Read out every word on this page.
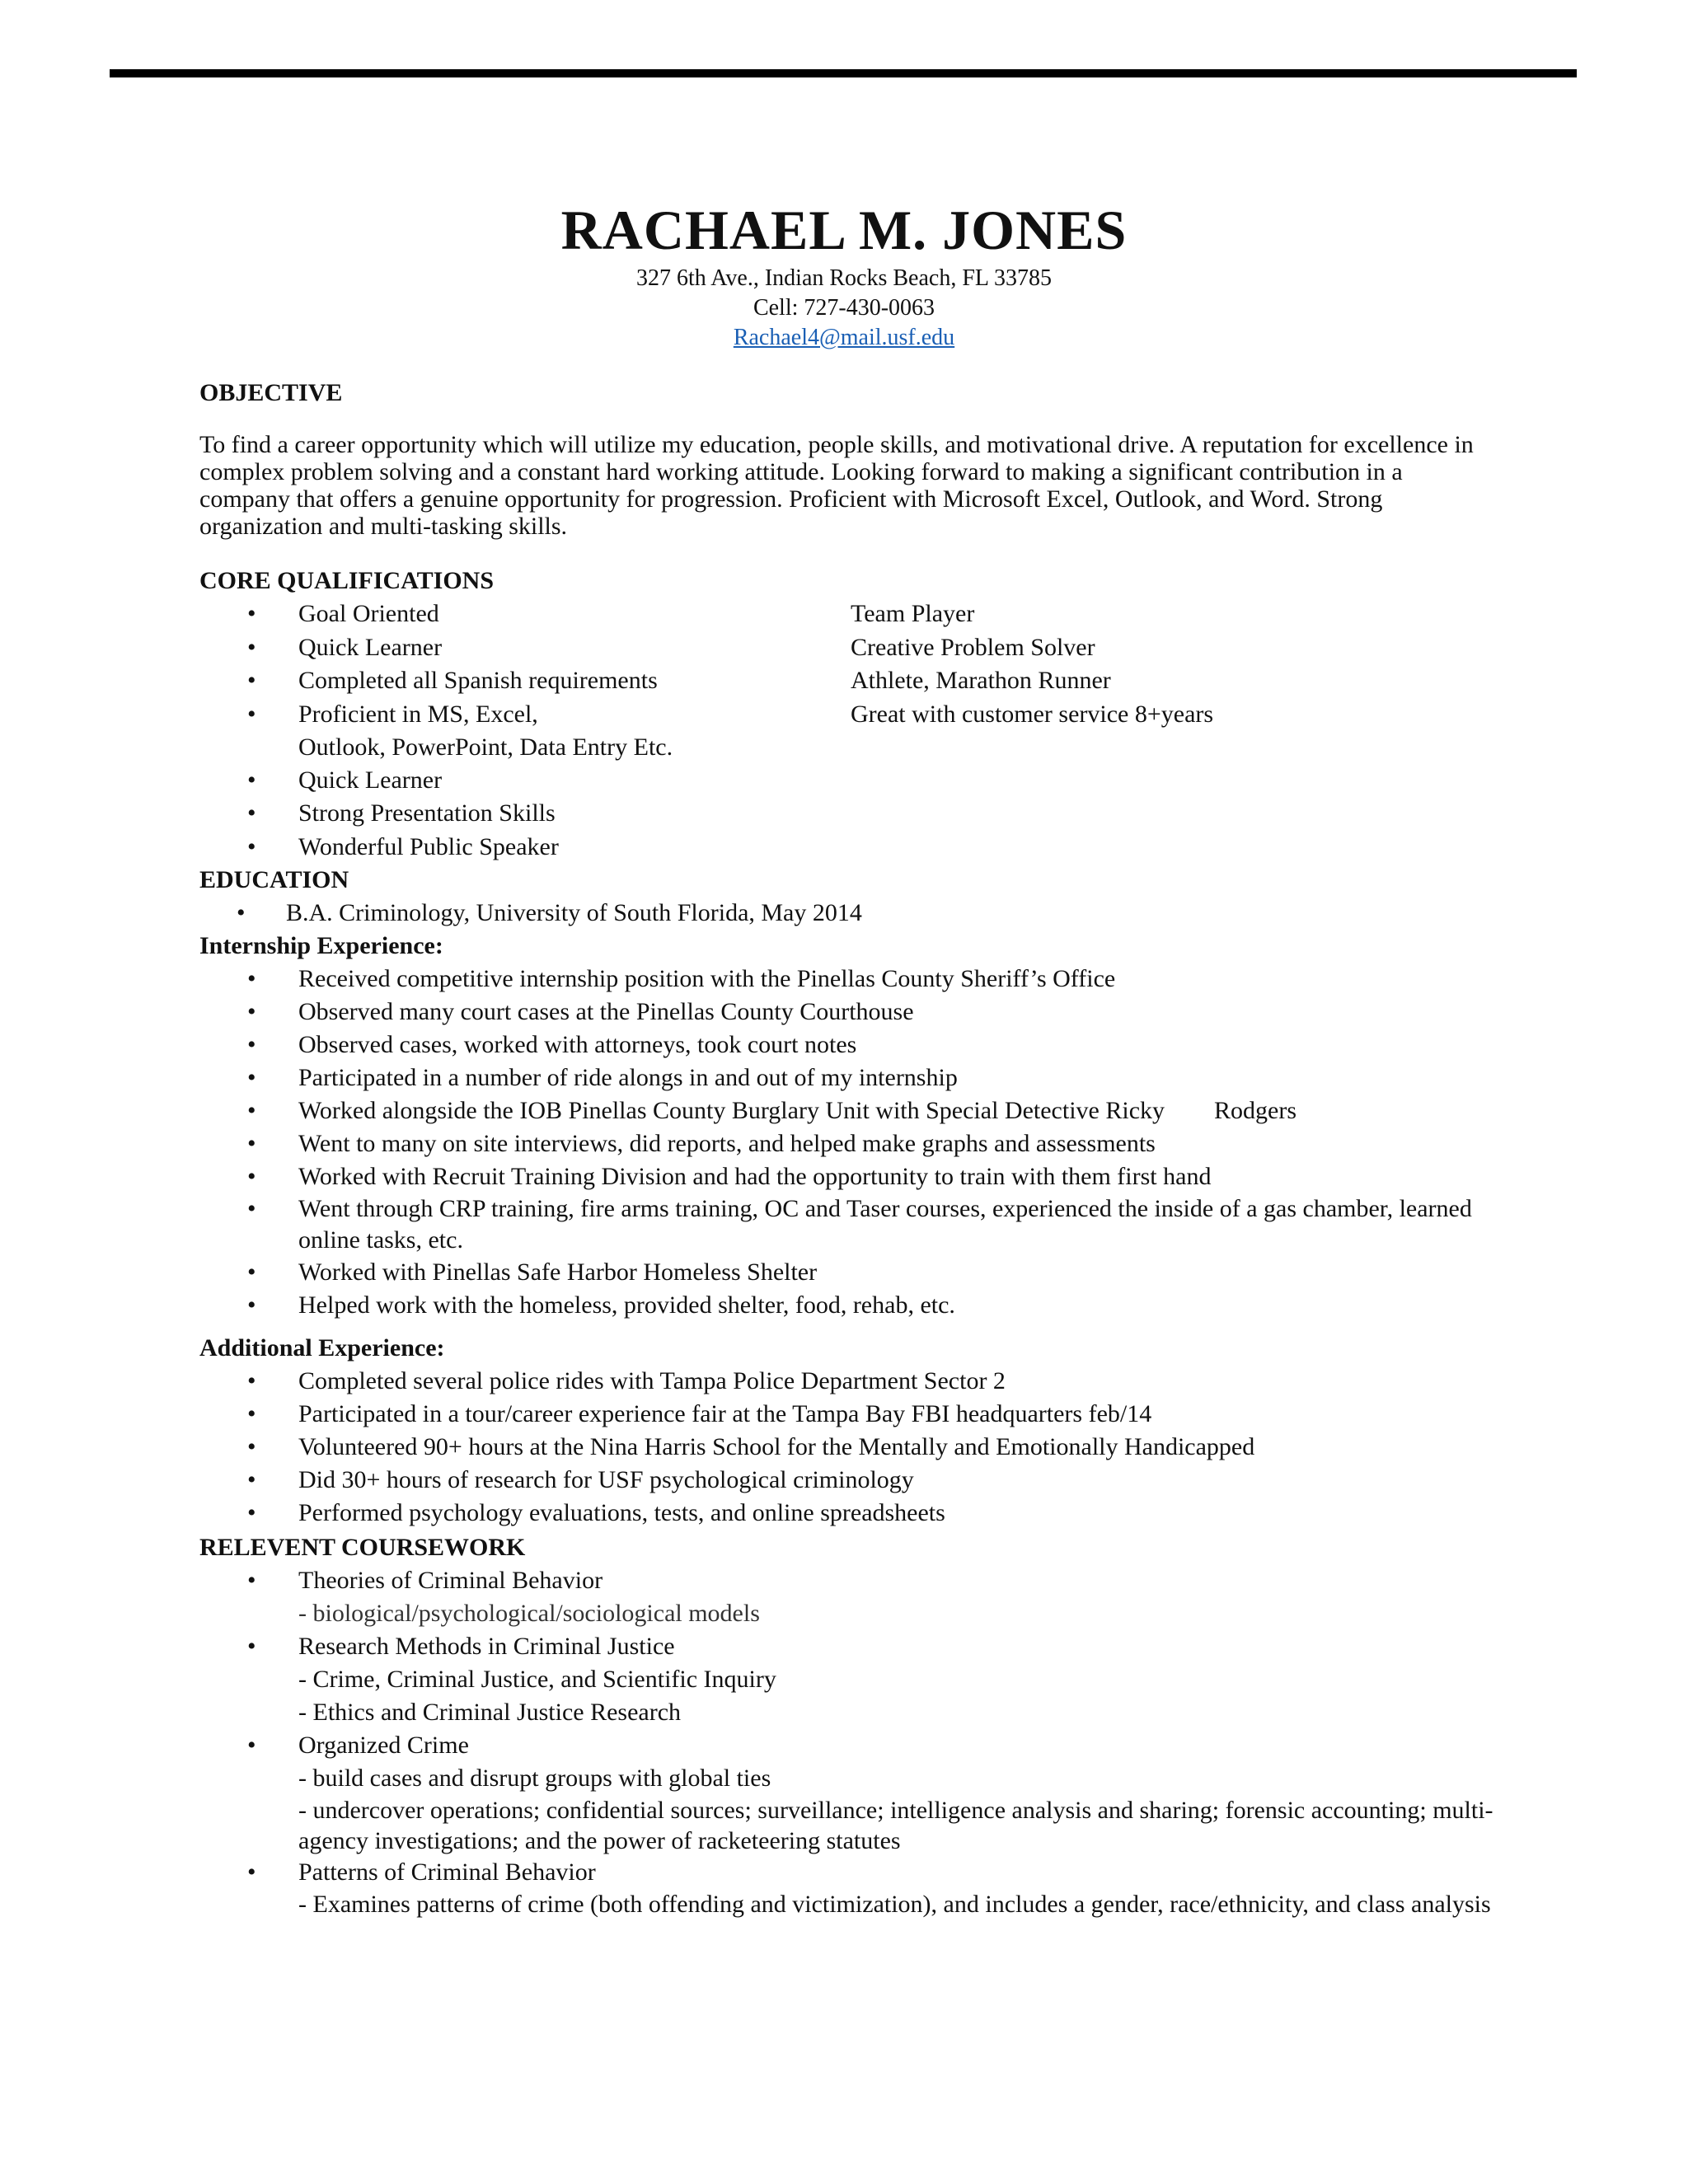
RACHAEL M. JONES
327 6th Ave., Indian Rocks Beach, FL 33785
Cell: 727-430-0063
Rachael4@mail.usf.edu
OBJECTIVE
To find a career opportunity which will utilize my education, people skills, and motivational drive. A reputation for excellence in complex problem solving and a constant hard working attitude. Looking forward to making a significant contribution in a company that offers a genuine opportunity for progression. Proficient with Microsoft Excel, Outlook, and Word. Strong organization and multi-tasking skills.
CORE QUALIFICATIONS
• Goal Oriented	Team Player
• Quick Learner	Creative Problem Solver
• Completed all Spanish requirements	Athlete, Marathon Runner
• Proficient in MS, Excel,	Great with customer service 8+years
Outlook, PowerPoint, Data Entry Etc.
• Quick Learner
• Strong Presentation Skills
• Wonderful Public Speaker
EDUCATION
• B.A. Criminology, University of South Florida, May 2014
Internship Experience:
• Received competitive internship position with the Pinellas County Sheriff’s Office
• Observed many court cases at the Pinellas County Courthouse
• Observed cases, worked with attorneys, took court notes
• Participated in a number of ride alongs in and out of my internship
• Worked alongside the IOB Pinellas County Burglary Unit with Special Detective Ricky        Rodgers
• Went to many on site interviews, did reports, and helped make graphs and assessments
• Worked with Recruit Training Division and had the opportunity to train with them first hand
• Went through CRP training, fire arms training, OC and Taser courses, experienced the inside of a gas chamber, learned online tasks, etc.
• Worked with Pinellas Safe Harbor Homeless Shelter
• Helped work with the homeless, provided shelter, food, rehab, etc.
Additional Experience:
• Completed several police rides with Tampa Police Department Sector 2
• Participated in a tour/career experience fair at the Tampa Bay FBI headquarters feb/14
• Volunteered 90+ hours at the Nina Harris School for the Mentally and Emotionally Handicapped
• Did 30+ hours of research for USF psychological criminology
• Performed psychology evaluations, tests, and online spreadsheets
RELEVENT COURSEWORK
• Theories of Criminal Behavior
- biological/psychological/sociological models
• Research Methods in Criminal Justice
- Crime, Criminal Justice, and Scientific Inquiry
- Ethics and Criminal Justice Research
• Organized Crime
- build cases and disrupt groups with global ties
- undercover operations; confidential sources; surveillance; intelligence analysis and sharing; forensic accounting; multi-agency investigations; and the power of racketeering statutes
• Patterns of Criminal Behavior
- Examines patterns of crime (both offending and victimization), and includes a gender, race/ethnicity, and class analysis
